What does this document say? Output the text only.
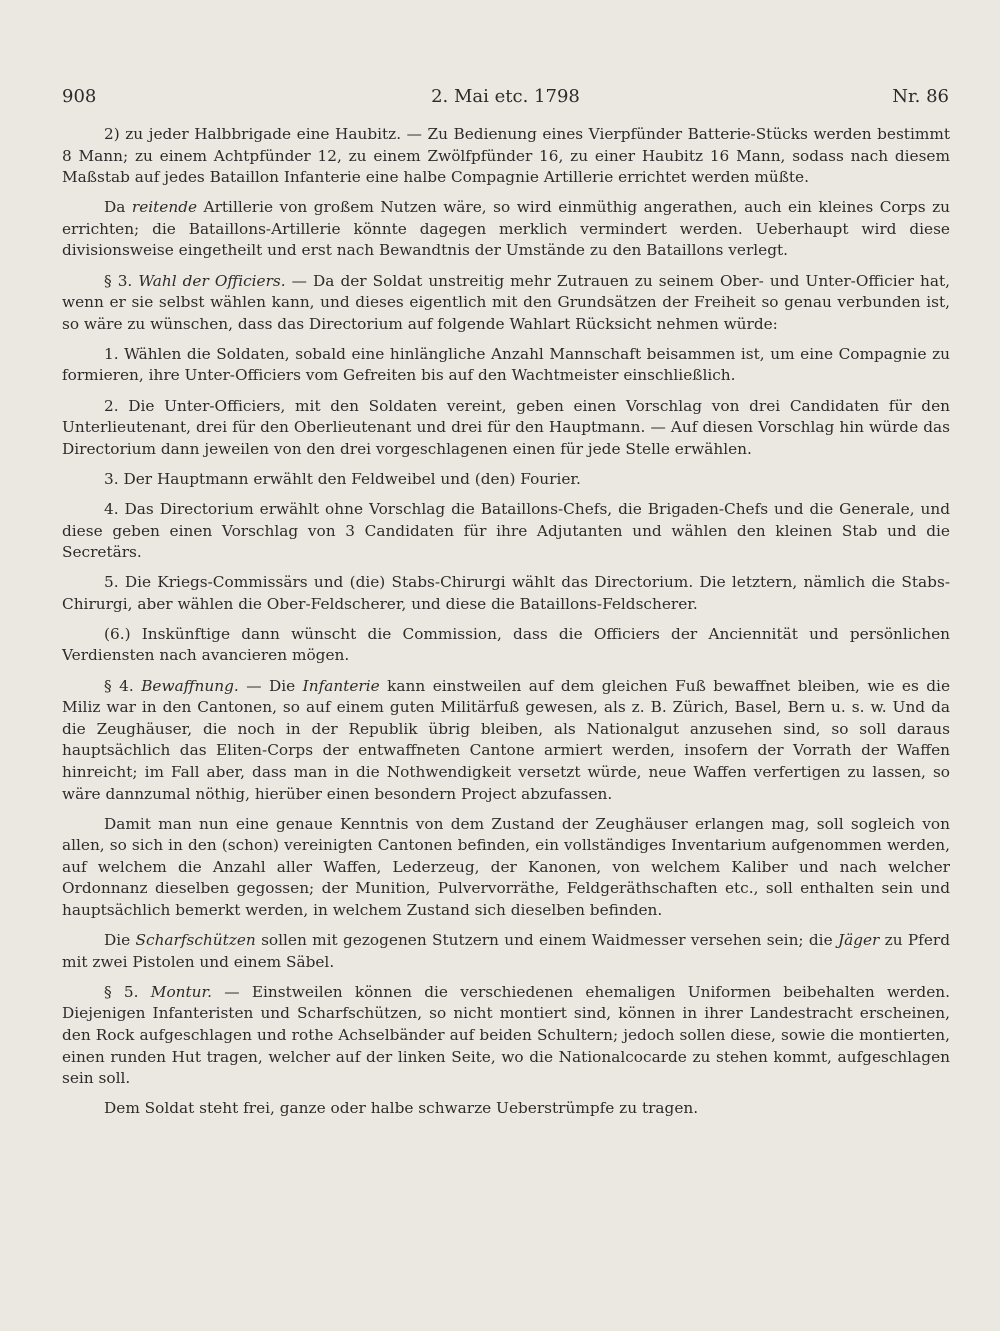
908	2. Mai etc. 1798	Nr. 86

2) zu jeder Halbbrigade eine Haubitz. — Zu Bedienung eines Vierpfünder Batterie-Stücks werden bestimmt 8 Mann; zu einem Achtpfünder 12, zu einem Zwölfpfünder 16, zu einer Haubitz 16 Mann, sodass nach diesem Maßstab auf jedes Bataillon Infanterie eine halbe Compagnie Artillerie errichtet werden müßte.

Da reitende Artillerie von großem Nutzen wäre, so wird einmüthig angerathen, auch ein kleines Corps zu errichten; die Bataillons-Artillerie könnte dagegen merklich vermindert werden. Ueberhaupt wird diese divisionsweise eingetheilt und erst nach Bewandtnis der Umstände zu den Bataillons verlegt.

§ 3. Wahl der Officiers. — Da der Soldat unstreitig mehr Zutrauen zu seinem Ober- und Unter-Officier hat, wenn er sie selbst wählen kann, und dieses eigentlich mit den Grundsätzen der Freiheit so genau verbunden ist, so wäre zu wünschen, dass das Directorium auf folgende Wahlart Rücksicht nehmen würde:

1. Wählen die Soldaten, sobald eine hinlängliche Anzahl Mannschaft beisammen ist, um eine Compagnie zu formieren, ihre Unter-Officiers vom Gefreiten bis auf den Wachtmeister einschließlich.

2. Die Unter-Officiers, mit den Soldaten vereint, geben einen Vorschlag von drei Candidaten für den Unterlieutenant, drei für den Oberlieutenant und drei für den Hauptmann. — Auf diesen Vorschlag hin würde das Directorium dann jeweilen von den drei vorgeschlagenen einen für jede Stelle erwählen.

3. Der Hauptmann erwählt den Feldweibel und (den) Fourier.

4. Das Directorium erwählt ohne Vorschlag die Bataillons-Chefs, die Brigaden-Chefs und die Generale, und diese geben einen Vorschlag von 3 Candidaten für ihre Adjutanten und wählen den kleinen Stab und die Secretärs.

5. Die Kriegs-Commissärs und (die) Stabs-Chirurgi wählt das Directorium. Die letztern, nämlich die Stabs-Chirurgi, aber wählen die Ober-Feldscherer, und diese die Bataillons-Feldscherer.

(6.) Inskünftige dann wünscht die Commission, dass die Officiers der Anciennität und persönlichen Verdiensten nach avancieren mögen.

§ 4. Bewaffnung. — Die Infanterie kann einstweilen auf dem gleichen Fuß bewaffnet bleiben, wie es die Miliz war in den Cantonen, so auf einem guten Militärfuß gewesen, als z. B. Zürich, Basel, Bern u. s. w. Und da die Zeughäuser, die noch in der Republik übrig bleiben, als Nationalgut anzusehen sind, so soll daraus hauptsächlich das Eliten-Corps der entwaffneten Cantone armiert werden, insofern der Vorrath der Waffen hinreicht; im Fall aber, dass man in die Nothwendigkeit versetzt würde, neue Waffen verfertigen zu lassen, so wäre dannzumal nöthig, hierüber einen besondern Project abzufassen.

Damit man nun eine genaue Kenntnis von dem Zustand der Zeughäuser erlangen mag, soll sogleich von allen, so sich in den (schon) vereinigten Cantonen befinden, ein vollständiges Inventarium aufgenommen werden, auf welchem die Anzahl aller Waffen, Lederzeug, der Kanonen, von welchem Kaliber und nach welcher Ordonnanz dieselben gegossen; der Munition, Pulvervorräthe, Feldgeräthschaften etc., soll enthalten sein und hauptsächlich bemerkt werden, in welchem Zustand sich dieselben befinden.

Die Scharfschützen sollen mit gezogenen Stutzern und einem Waidmesser versehen sein; die Jäger zu Pferd mit zwei Pistolen und einem Säbel.

§ 5. Montur. — Einstweilen können die verschiedenen ehemaligen Uniformen beibehalten werden. Diejenigen Infanteristen und Scharfschützen, so nicht montiert sind, können in ihrer Landestracht erscheinen, den Rock aufgeschlagen und rothe Achselbänder auf beiden Schultern; jedoch sollen diese, sowie die montierten, einen runden Hut tragen, welcher auf der linken Seite, wo die Nationalcocarde zu stehen kommt, aufgeschlagen sein soll.

Dem Soldat steht frei, ganze oder halbe schwarze Ueberstrümpfe zu tragen.
